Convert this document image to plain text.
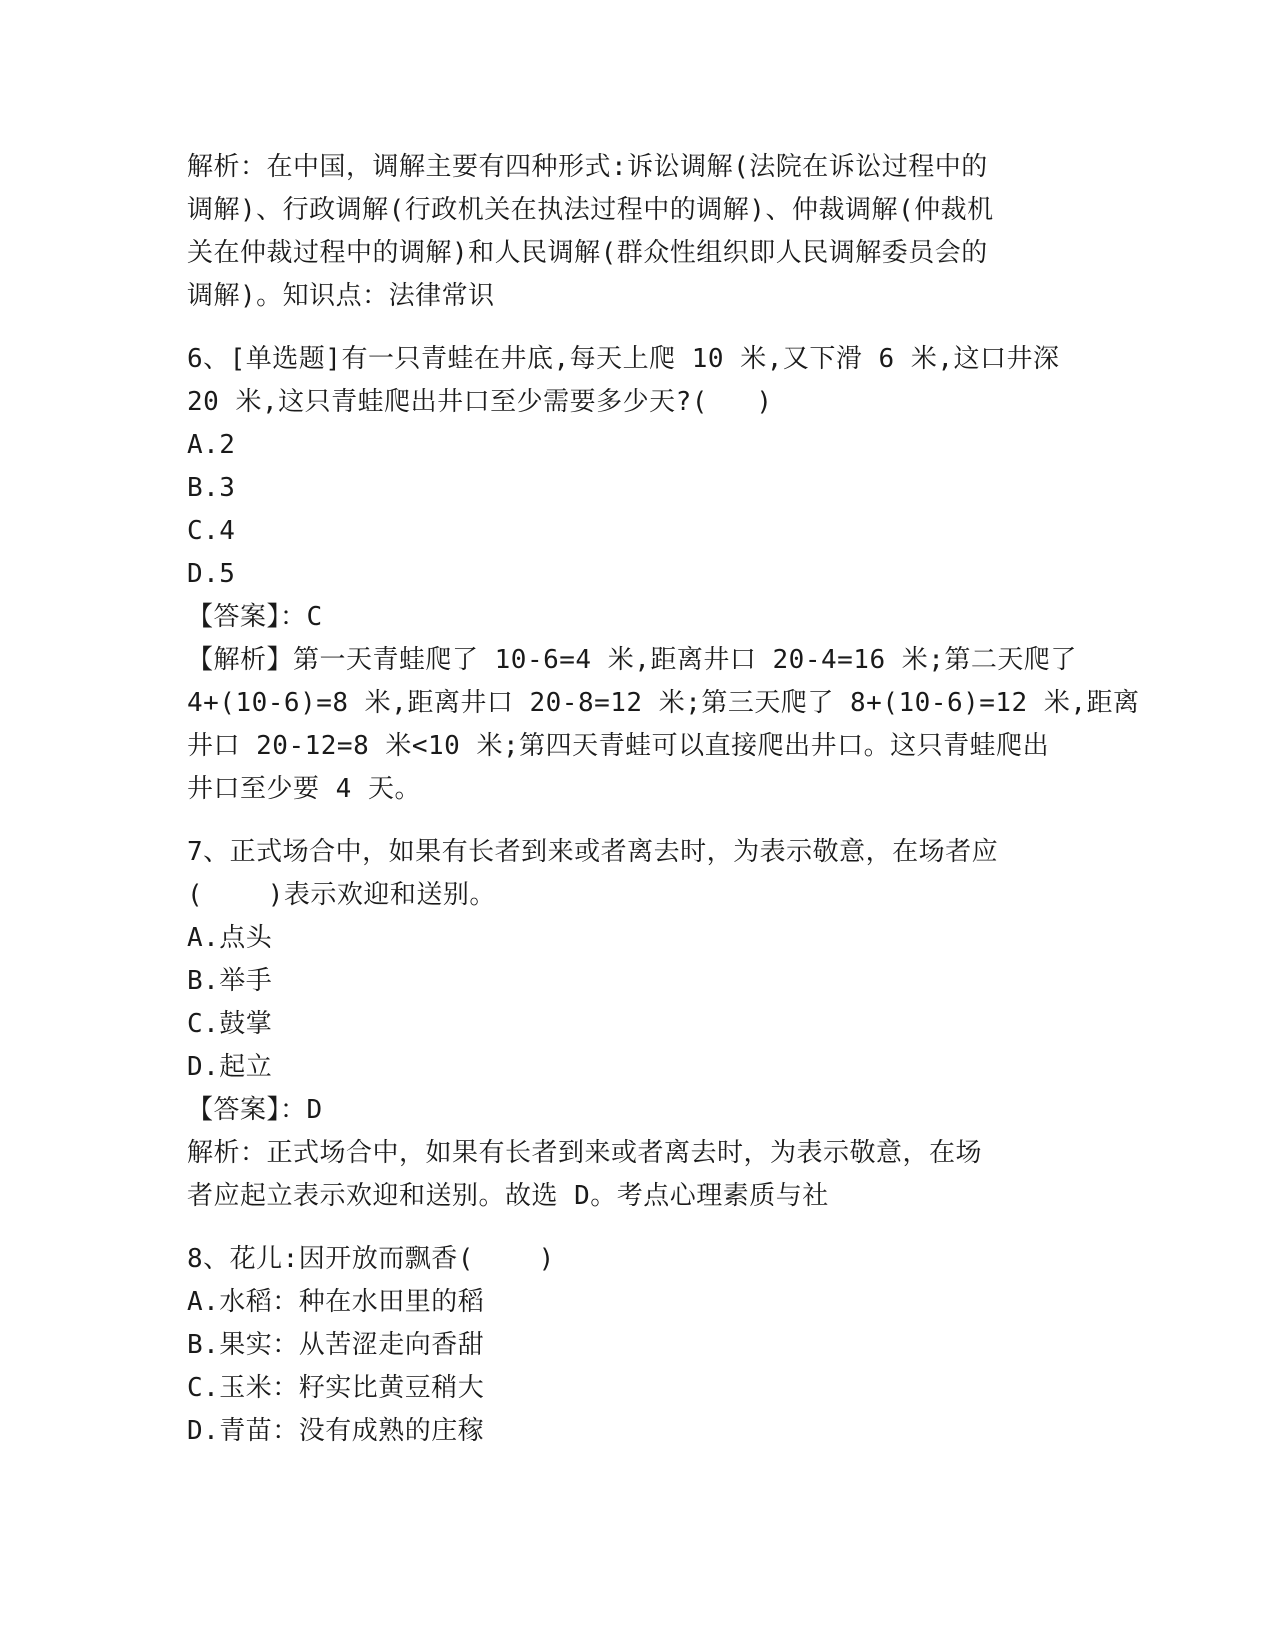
解析：在中国，调解主要有四种形式:诉讼调解(法院在诉讼过程中的
调解)、行政调解(行政机关在执法过程中的调解)、仲裁调解(仲裁机
关在仲裁过程中的调解)和人民调解(群众性组织即人民调解委员会的
调解)。知识点：法律常识
6、[单选题]有一只青蛙在井底,每天上爬 10 米,又下滑 6 米,这口井深
20 米,这只青蛙爬出井口至少需要多少天?(   )
A.2
B.3
C.4
D.5
【答案】：C
【解析】第一天青蛙爬了 10-6=4 米,距离井口 20-4=16 米;第二天爬了
4+(10-6)=8 米,距离井口 20-8=12 米;第三天爬了 8+(10-6)=12 米,距离
井口 20-12=8 米<10 米;第四天青蛙可以直接爬出井口。这只青蛙爬出
井口至少要 4 天。
7、正式场合中，如果有长者到来或者离去时，为表示敬意，在场者应
(    )表示欢迎和送别。
A.点头
B.举手
C.鼓掌
D.起立
【答案】：D
解析：正式场合中，如果有长者到来或者离去时，为表示敬意，在场
者应起立表示欢迎和送别。故选 D。考点心理素质与社
8、花儿:因开放而飘香(    )
A.水稻：种在水田里的稻
B.果实：从苦涩走向香甜
C.玉米：籽实比黄豆稍大
D.青苗：没有成熟的庄稼
